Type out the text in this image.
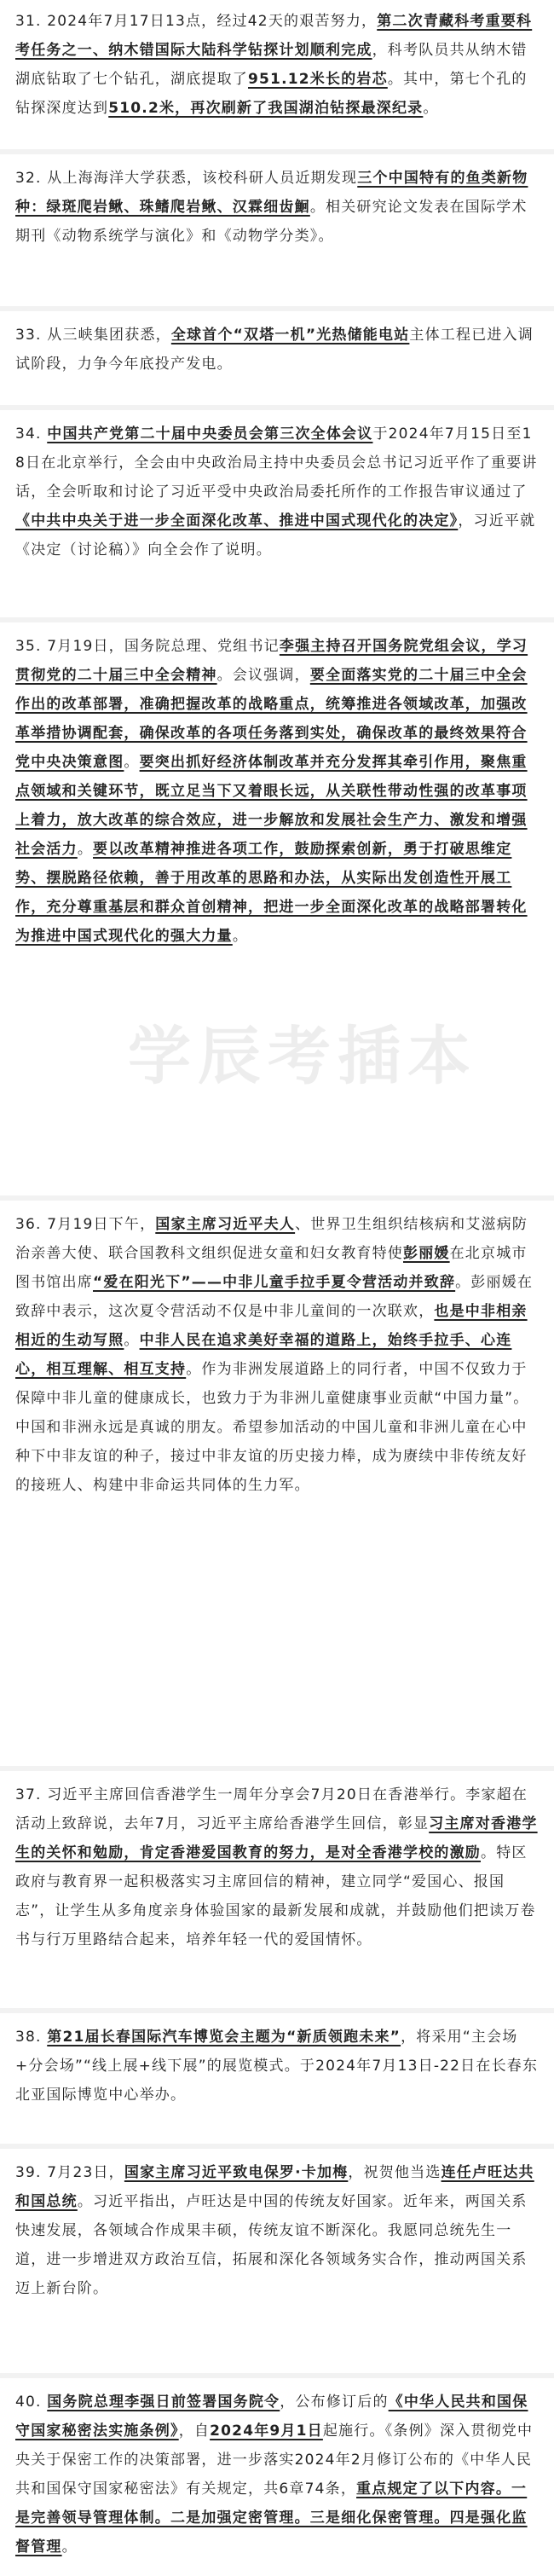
学辰考插本
31. 2024年7月17日13点，经过42天的艰苦努力，第二次青藏科考重要科考任务之一、纳木错国际大陆科学钻探计划顺利完成，科考队员共从纳木错湖底钻取了七个钻孔，湖底提取了951.12米长的岩芯。其中，第七个孔的钻探深度达到510.2米，再次刷新了我国湖泊钻探最深纪录。
32. 从上海海洋大学获悉，该校科研人员近期发现三个中国特有的鱼类新物种：绿斑爬岩鳅、珠鳍爬岩鳅、汉霖细齿鮰。相关研究论文发表在国际学术期刊《动物系统学与演化》和《动物学分类》。
33. 从三峡集团获悉，全球首个“双塔一机”光热储能电站主体工程已进入调试阶段，力争今年底投产发电。
34. 中国共产党第二十届中央委员会第三次全体会议于2024年7月15日至18日在北京举行，全会由中央政治局主持中央委员会总书记习近平作了重要讲话，全会听取和讨论了习近平受中央政治局委托所作的工作报告审议通过了《中共中央关于进一步全面深化改革、推进中国式现代化的决定》，习近平就《决定（讨论稿）》向全会作了说明。
35. 7月19日，国务院总理、党组书记李强主持召开国务院党组会议，学习贯彻党的二十届三中全会精神。会议强调，要全面落实党的二十届三中全会作出的改革部署，准确把握改革的战略重点，统筹推进各领域改革，加强改革举措协调配套，确保改革的各项任务落到实处，确保改革的最终效果符合党中央决策意图。要突出抓好经济体制改革并充分发挥其牵引作用，聚焦重点领域和关键环节，既立足当下又着眼长远，从关联性带动性强的改革事项上着力，放大改革的综合效应，进一步解放和发展社会生产力、激发和增强社会活力。要以改革精神推进各项工作，鼓励探索创新，勇于打破思维定势、摆脱路径依赖，善于用改革的思路和办法，从实际出发创造性开展工作，充分尊重基层和群众首创精神，把进一步全面深化改革的战略部署转化为推进中国式现代化的强大力量。
36. 7月19日下午，国家主席习近平夫人、世界卫生组织结核病和艾滋病防治亲善大使、联合国教科文组织促进女童和妇女教育特使彭丽媛在北京城市图书馆出席“爱在阳光下”——中非儿童手拉手夏令营活动并致辞。彭丽媛在致辞中表示，这次夏令营活动不仅是中非儿童间的一次联欢，也是中非相亲相近的生动写照。中非人民在追求美好幸福的道路上，始终手拉手、心连心，相互理解、相互支持。作为非洲发展道路上的同行者，中国不仅致力于保障中非儿童的健康成长，也致力于为非洲儿童健康事业贡献“中国力量”。中国和非洲永远是真诚的朋友。希望参加活动的中国儿童和非洲儿童在心中种下中非友谊的种子，接过中非友谊的历史接力棒，成为赓续中非传统友好的接班人、构建中非命运共同体的生力军。
37. 习近平主席回信香港学生一周年分享会7月20日在香港举行。李家超在活动上致辞说，去年7月，习近平主席给香港学生回信，彰显习主席对香港学生的关怀和勉励，肯定香港爱国教育的努力，是对全香港学校的激励。特区政府与教育界一起积极落实习主席回信的精神，建立同学“爱国心、报国志”，让学生从多角度亲身体验国家的最新发展和成就，并鼓励他们把读万卷书与行万里路结合起来，培养年轻一代的爱国情怀。
38. 第21届长春国际汽车博览会主题为“新质领跑未来”，将采用“主会场+分会场”“线上展+线下展”的展览模式。于2024年7月13日-22日在长春东北亚国际博览中心举办。
39. 7月23日，国家主席习近平致电保罗·卡加梅，祝贺他当选连任卢旺达共和国总统。习近平指出，卢旺达是中国的传统友好国家。近年来，两国关系快速发展，各领域合作成果丰硕，传统友谊不断深化。我愿同总统先生一道，进一步增进双方政治互信，拓展和深化各领域务实合作，推动两国关系迈上新台阶。
40. 国务院总理李强日前签署国务院令，公布修订后的《中华人民共和国保守国家秘密法实施条例》，自2024年9月1日起施行。《条例》深入贯彻党中央关于保密工作的决策部署，进一步落实2024年2月修订公布的《中华人民共和国保守国家秘密法》有关规定，共6章74条，重点规定了以下内容。一是完善领导管理体制。二是加强定密管理。三是细化保密管理。四是强化监督管理。
